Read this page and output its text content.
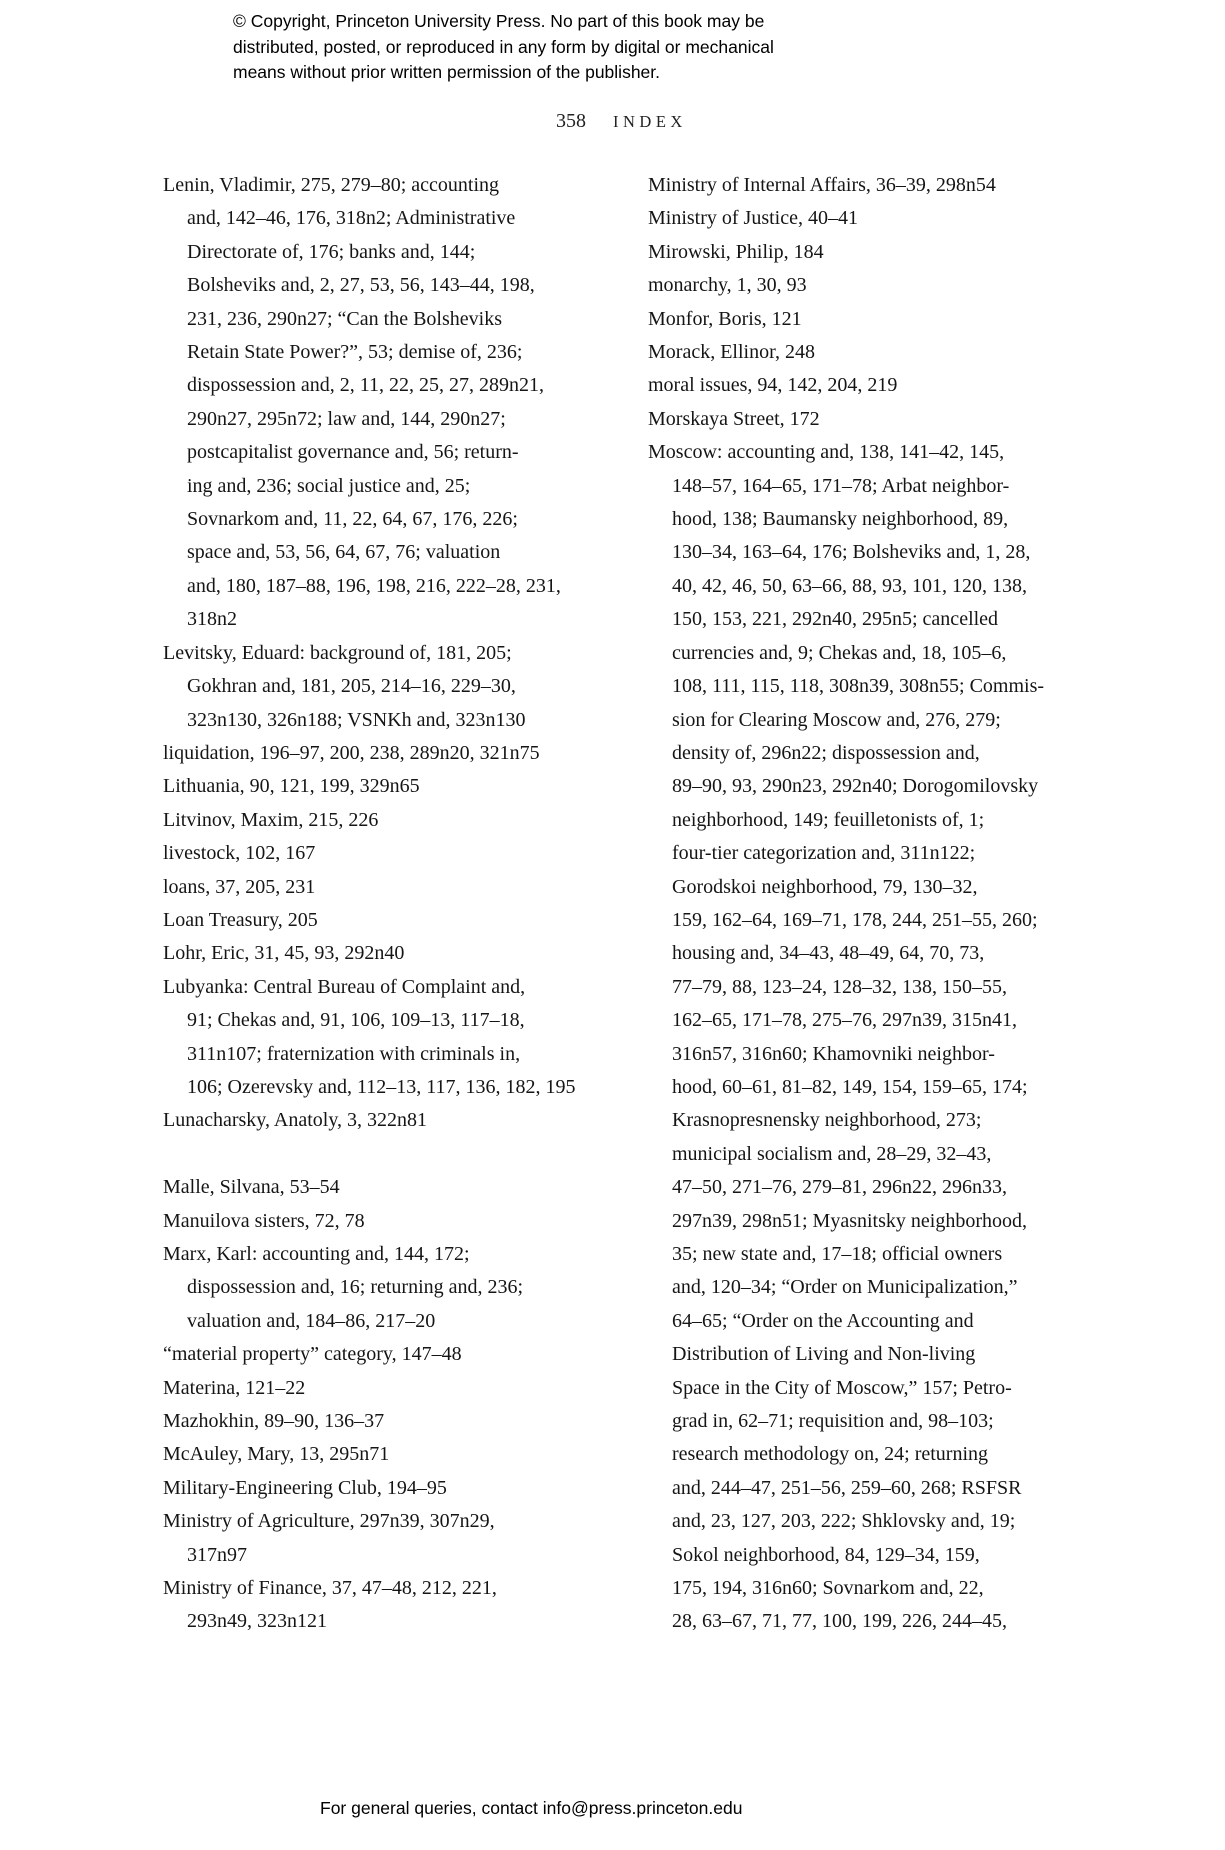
© Copyright, Princeton University Press. No part of this book may be
distributed, posted, or reproduced in any form by digital or mechanical
means without prior written permission of the publisher.
358 INDEX
Lenin, Vladimir, 275, 279–80; accounting
and, 142–46, 176, 318n2; Administrative
Directorate of, 176; banks and, 144;
Bolsheviks and, 2, 27, 53, 56, 143–44, 198,
231, 236, 290n27; “Can the Bolsheviks
Retain State Power?”, 53; demise of, 236;
dispossession and, 2, 11, 22, 25, 27, 289n21,
290n27, 295n72; law and, 144, 290n27;
postcapitalist governance and, 56; return-
ing and, 236; social justice and, 25;
Sovnarkom and, 11, 22, 64, 67, 176, 226;
space and, 53, 56, 64, 67, 76; valuation
and, 180, 187–88, 196, 198, 216, 222–28, 231,
318n2
Levitsky, Eduard: background of, 181, 205;
Gokhran and, 181, 205, 214–16, 229–30,
323n130, 326n188; VSNKh and, 323n130
liquidation, 196–97, 200, 238, 289n20, 321n75
Lithuania, 90, 121, 199, 329n65
Litvinov, Maxim, 215, 226
livestock, 102, 167
loans, 37, 205, 231
Loan Treasury, 205
Lohr, Eric, 31, 45, 93, 292n40
Lubyanka: Central Bureau of Complaint and,
91; Chekas and, 91, 106, 109–13, 117–18,
311n107; fraternization with criminals in,
106; Ozerevsky and, 112–13, 117, 136, 182, 195
Lunacharsky, Anatoly, 3, 322n81
Malle, Silvana, 53–54
Manuilova sisters, 72, 78
Marx, Karl: accounting and, 144, 172;
dispossession and, 16; returning and, 236;
valuation and, 184–86, 217–20
“material property” category, 147–48
Materina, 121–22
Mazhokhin, 89–90, 136–37
McAuley, Mary, 13, 295n71
Military-Engineering Club, 194–95
Ministry of Agriculture, 297n39, 307n29,
317n97
Ministry of Finance, 37, 47–48, 212, 221,
293n49, 323n121
Ministry of Internal Affairs, 36–39, 298n54
Ministry of Justice, 40–41
Mirowski, Philip, 184
monarchy, 1, 30, 93
Monfor, Boris, 121
Morack, Ellinor, 248
moral issues, 94, 142, 204, 219
Morskaya Street, 172
Moscow: accounting and, 138, 141–42, 145,
148–57, 164–65, 171–78; Arbat neighbor-
hood, 138; Baumansky neighborhood, 89,
130–34, 163–64, 176; Bolsheviks and, 1, 28,
40, 42, 46, 50, 63–66, 88, 93, 101, 120, 138,
150, 153, 221, 292n40, 295n5; cancelled
currencies and, 9; Chekas and, 18, 105–6,
108, 111, 115, 118, 308n39, 308n55; Commis-
sion for Clearing Moscow and, 276, 279;
density of, 296n22; dispossession and,
89–90, 93, 290n23, 292n40; Dorogomilovsky
neighborhood, 149; feuilletonists of, 1;
four-tier categorization and, 311n122;
Gorodskoi neighborhood, 79, 130–32,
159, 162–64, 169–71, 178, 244, 251–55, 260;
housing and, 34–43, 48–49, 64, 70, 73,
77–79, 88, 123–24, 128–32, 138, 150–55,
162–65, 171–78, 275–76, 297n39, 315n41,
316n57, 316n60; Khamovniki neighbor-
hood, 60–61, 81–82, 149, 154, 159–65, 174;
Krasnopresnensky neighborhood, 273;
municipal socialism and, 28–29, 32–43,
47–50, 271–76, 279–81, 296n22, 296n33,
297n39, 298n51; Myasnitsky neighborhood,
35; new state and, 17–18; official owners
and, 120–34; “Order on Municipalization,”
64–65; “Order on the Accounting and
Distribution of Living and Non-living
Space in the City of Moscow,” 157; Petro-
grad in, 62–71; requisition and, 98–103;
research methodology on, 24; returning
and, 244–47, 251–56, 259–60, 268; RSFSR
and, 23, 127, 203, 222; Shklovsky and, 19;
Sokol neighborhood, 84, 129–34, 159,
175, 194, 316n60; Sovnarkom and, 22,
28, 63–67, 71, 77, 100, 199, 226, 244–45,
For general queries, contact info@press.princeton.edu
